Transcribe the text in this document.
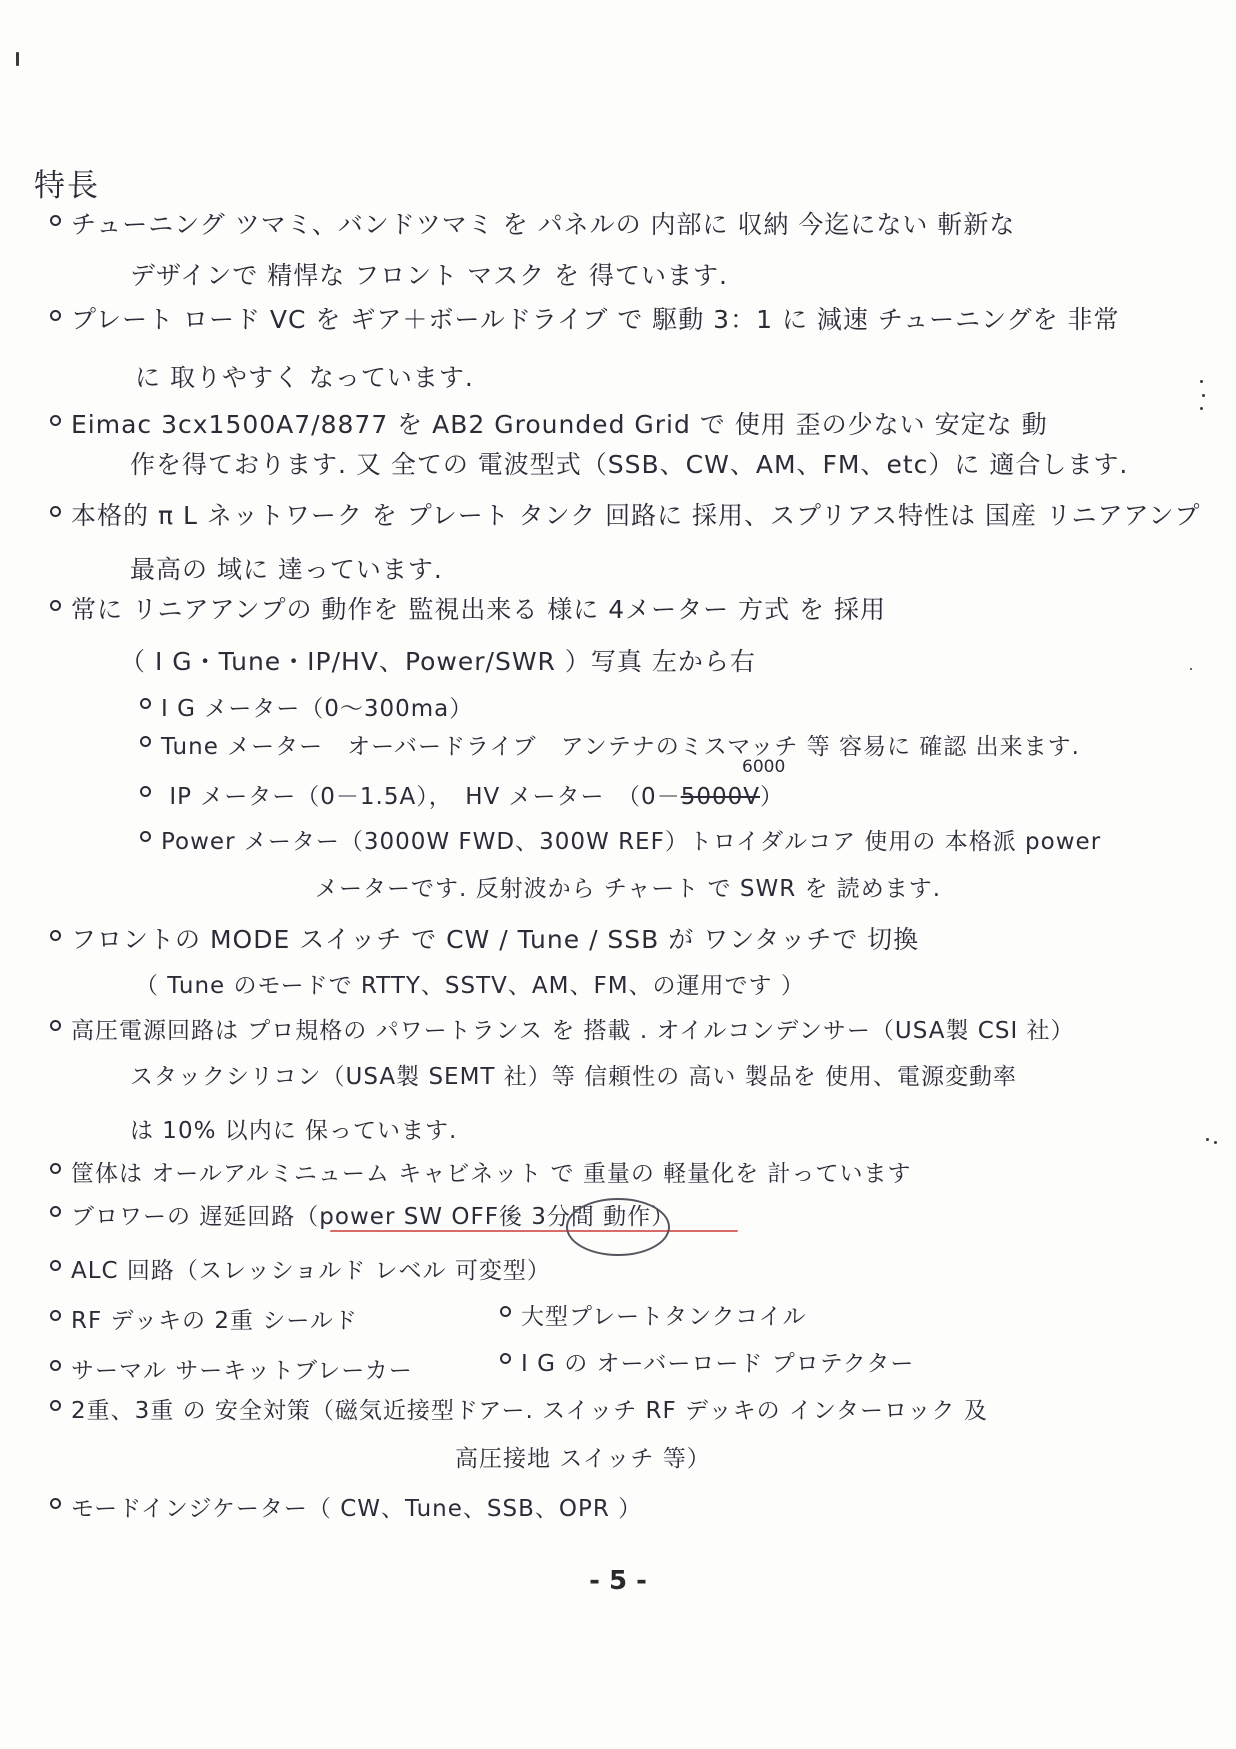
特長
チューニング ツマミ、バンドツマミ を パネルの 内部に 収納 今迄にない 斬新な
デザインで 精悍な フロント マスク を 得ています.
プレート ロード VC を ギア＋ボールドライブ で 駆動 3：1 に 減速 チューニングを 非常
に 取りやすく なっています.
Eimac 3cx1500A7/8877 を AB2 Grounded Grid で 使用 歪の少ない 安定な 動
作を得ております. 又 全ての 電波型式（SSB、CW、AM、FM、etc）に 適合します.
本格的 π L ネットワーク を プレート タンク 回路に 採用、スプリアス特性は 国産 リニアアンプ
最高の 域に 達っています.
常に リニアアンプの 動作を 監視出来る 様に 4メーター 方式 を 採用
（ I G・Tune・IP/HV、Power/SWR ）写真 左から右
I G メーター（0～300ma）
Tune メーター　オーバードライブ　アンテナのミスマッチ 等 容易に 確認 出来ます.
IP メーター（0－1.5A），　HV メーター　（0－5000V）
6000
Power メーター（3000W FWD、300W REF）トロイダルコア 使用の 本格派 power
メーターです. 反射波から チャート で SWR を 読めます.
フロントの MODE スイッチ で CW / Tune / SSB が ワンタッチで 切換
（ Tune のモードで RTTY、SSTV、AM、FM、の運用です ）
高圧電源回路は プロ規格の パワートランス を 搭載 . オイルコンデンサー（USA製 CSI 社）
スタックシリコン（USA製 SEMT 社）等 信頼性の 高い 製品を 使用、電源変動率
は 10% 以内に 保っています.
筐体は オールアルミニューム キャビネット で 重量の 軽量化を 計っています
ブロワーの 遅延回路（power SW OFF後 3分間 動作）
ALC 回路（スレッショルド レベル 可変型）
RF デッキの 2重 シールド	大型プレートタンクコイル
サーマル サーキットブレーカー	I G の オーバーロード プロテクター
2重、3重 の 安全対策（磁気近接型ドアー. スイッチ RF デッキの インターロック 及
高圧接地 スイッチ 等）
モードインジケーター（ CW、Tune、SSB、OPR ）
- 5 -
